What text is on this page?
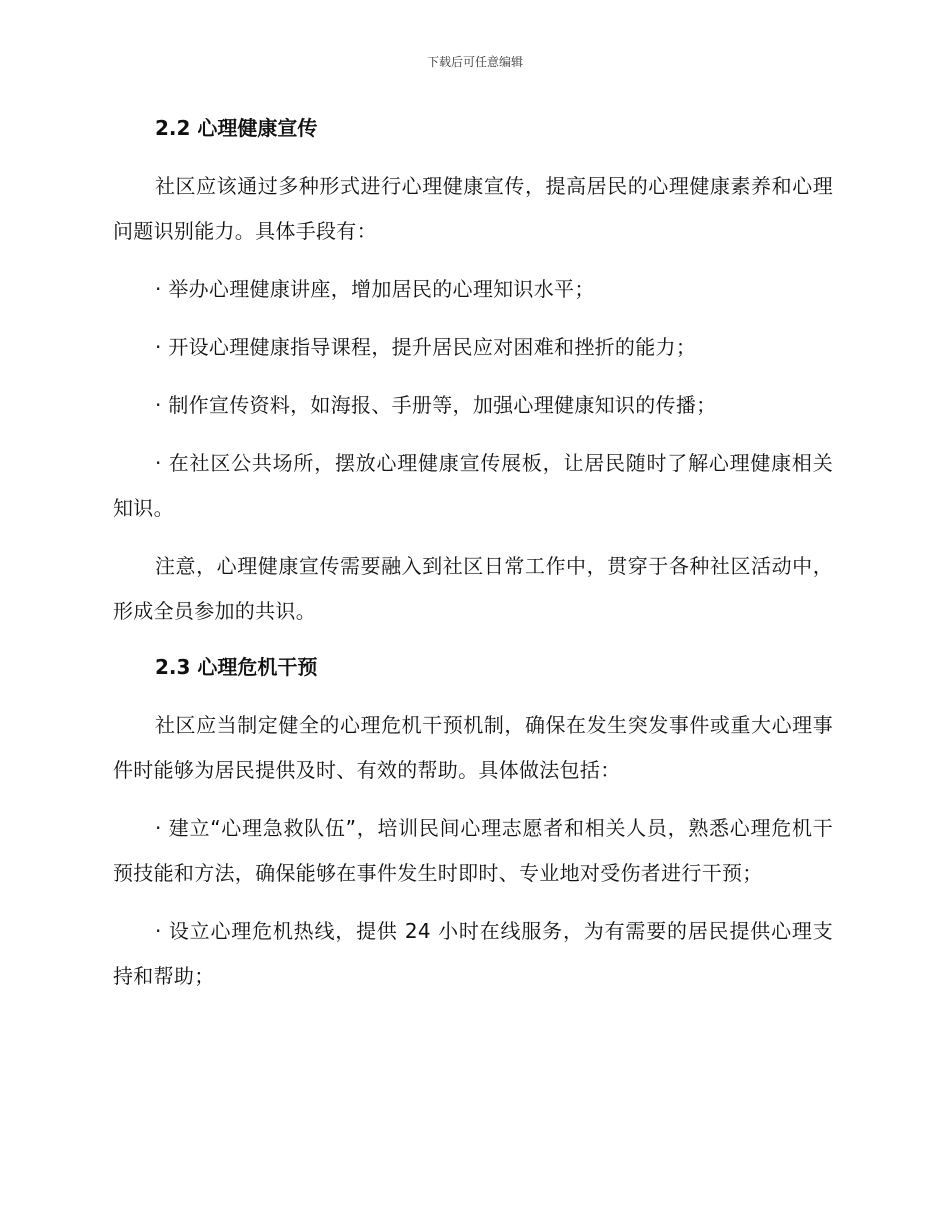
下载后可任意编辑
2.2 心理健康宣传

社区应该通过多种形式进行心理健康宣传，提高居民的心理健康素养和心理问题识别能力。具体手段有：

· 举办心理健康讲座，增加居民的心理知识水平；

· 开设心理健康指导课程，提升居民应对困难和挫折的能力；

· 制作宣传资料，如海报、手册等，加强心理健康知识的传播；

· 在社区公共场所，摆放心理健康宣传展板，让居民随时了解心理健康相关知识。

注意，心理健康宣传需要融入到社区日常工作中，贯穿于各种社区活动中，形成全员参加的共识。

2.3 心理危机干预

社区应当制定健全的心理危机干预机制，确保在发生突发事件或重大心理事件时能够为居民提供及时、有效的帮助。具体做法包括：

· 建立“心理急救队伍”，培训民间心理志愿者和相关人员，熟悉心理危机干预技能和方法，确保能够在事件发生时即时、专业地对受伤者进行干预；

· 设立心理危机热线，提供 24 小时在线服务，为有需要的居民提供心理支持和帮助；
